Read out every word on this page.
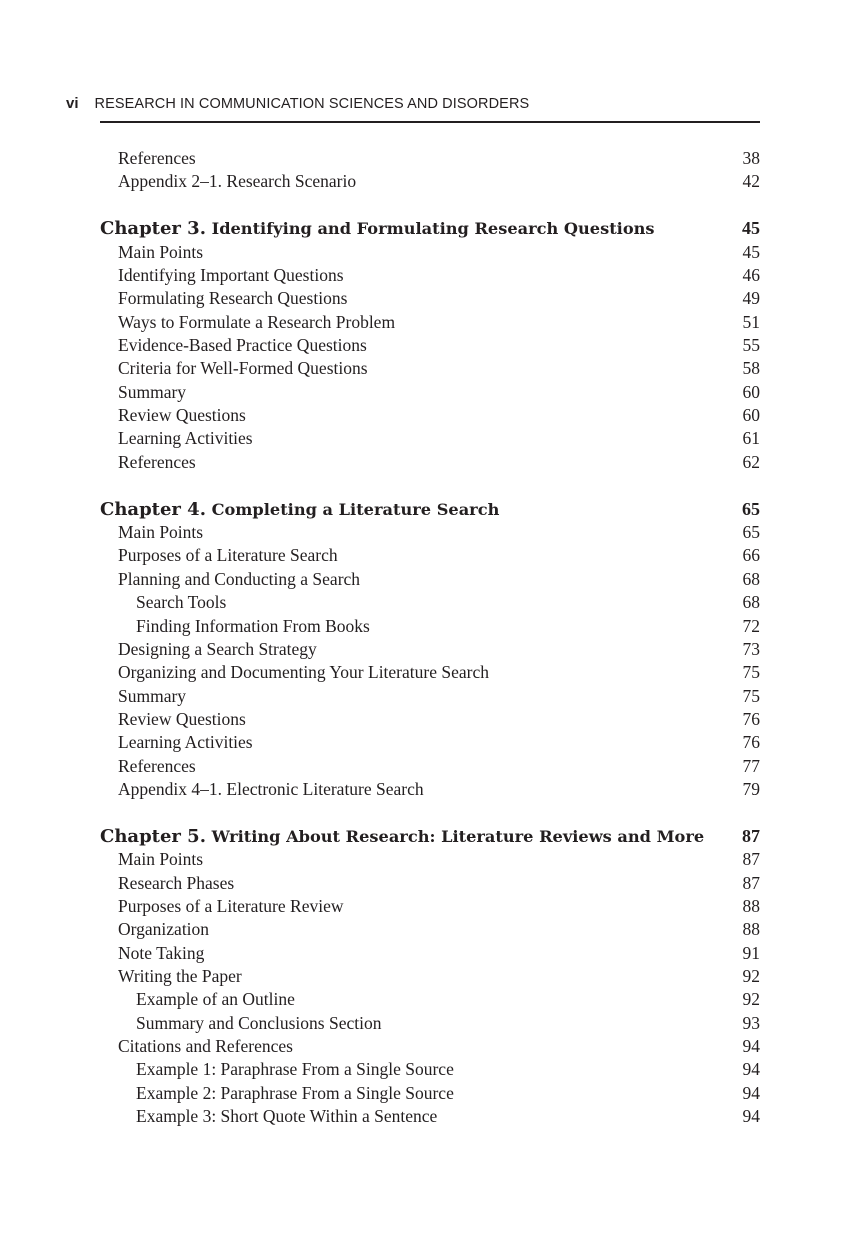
vi RESEARCH IN COMMUNICATION SCIENCES AND DISORDERS
References	38
Appendix 2–1. Research Scenario	42
Chapter 3. Identifying and Formulating Research Questions	45
Main Points	45
Identifying Important Questions	46
Formulating Research Questions	49
Ways to Formulate a Research Problem	51
Evidence-Based Practice Questions	55
Criteria for Well-Formed Questions	58
Summary	60
Review Questions	60
Learning Activities	61
References	62
Chapter 4. Completing a Literature Search	65
Main Points	65
Purposes of a Literature Search	66
Planning and Conducting a Search	68
Search Tools	68
Finding Information From Books	72
Designing a Search Strategy	73
Organizing and Documenting Your Literature Search	75
Summary	75
Review Questions	76
Learning Activities	76
References	77
Appendix 4–1. Electronic Literature Search	79
Chapter 5. Writing About Research: Literature Reviews and More	87
Main Points	87
Research Phases	87
Purposes of a Literature Review	88
Organization	88
Note Taking	91
Writing the Paper	92
Example of an Outline	92
Summary and Conclusions Section	93
Citations and References	94
Example 1: Paraphrase From a Single Source	94
Example 2: Paraphrase From a Single Source	94
Example 3: Short Quote Within a Sentence	94
